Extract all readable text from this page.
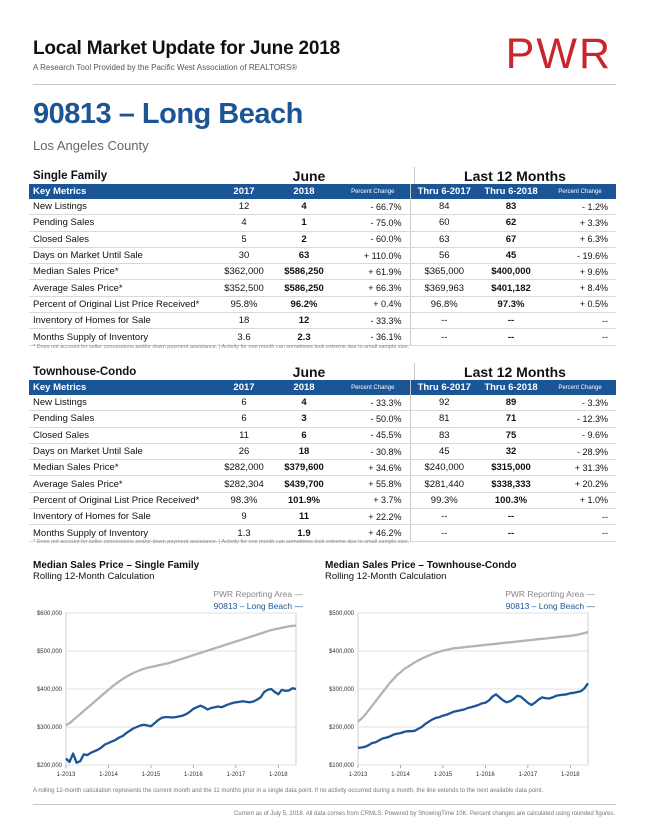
Local Market Update for June 2018
A Research Tool Provided by the Pacific West Association of REALTORS®	PWR
90813 – Long Beach
Los Angeles County
Single Family	June	Last 12 Months
Key Metrics	2017	2018	Percent Change	Thru 6-2017	Thru 6-2018	Percent Change
New Listings	12	4	- 66.7%	84	83	- 1.2%
Pending Sales	4	1	- 75.0%	60	62	+ 3.3%
Closed Sales	5	2	- 60.0%	63	67	+ 6.3%
Days on Market Until Sale	30	63	+ 110.0%	56	45	- 19.6%
Median Sales Price*	$362,000	$586,250	+ 61.9%	$365,000	$400,000	+ 9.6%
Average Sales Price*	$352,500	$586,250	+ 66.3%	$369,963	$401,182	+ 8.4%
Percent of Original List Price Received*	95.8%	96.2%	+ 0.4%	96.8%	97.3%	+ 0.5%
Inventory of Homes for Sale	18	12	- 33.3%	--	--	--
Months Supply of Inventory	3.6	2.3	- 36.1%	--	--	--
* Does not account for seller concessions and/or down payment assistance. | Activity for one month can sometimes look extreme due to small sample size.
Townhouse-Condo	June	Last 12 Months
Key Metrics	2017	2018	Percent Change	Thru 6-2017	Thru 6-2018	Percent Change
New Listings	6	4	- 33.3%	92	89	- 3.3%
Pending Sales	6	3	- 50.0%	81	71	- 12.3%
Closed Sales	11	6	- 45.5%	83	75	- 9.6%
Days on Market Until Sale	26	18	- 30.8%	45	32	- 28.9%
Median Sales Price*	$282,000	$379,600	+ 34.6%	$240,000	$315,000	+ 31.3%
Average Sales Price*	$282,304	$439,700	+ 55.8%	$281,440	$338,333	+ 20.2%
Percent of Original List Price Received*	98.3%	101.9%	+ 3.7%	99.3%	100.3%	+ 1.0%
Inventory of Homes for Sale	9	11	+ 22.2%	--	--	--
Months Supply of Inventory	1.3	1.9	+ 46.2%	--	--	--
* Does not account for seller concessions and/or down payment assistance. | Activity for one month can sometimes look extreme due to small sample size.
Median Sales Price – Single Family
Rolling 12-Month Calculation
PWR Reporting Area —
90813 – Long Beach —
$200,000
$300,000
$400,000
$500,000
$600,000
1-2013	1-2014	1-2015	1-2016	1-2017	1-2018
Median Sales Price – Townhouse-Condo
Rolling 12-Month Calculation
PWR Reporting Area —
90813 – Long Beach —
$100,000
$200,000
$300,000
$400,000
$500,000
1-2013	1-2014	1-2015	1-2016	1-2017	1-2018
A rolling 12-month calculation represents the current month and the 11 months prior in a single data point. If no activity occurred during a month, the line extends to the next available data point.
Current as of July 5, 2018. All data comes from CRMLS. Powered by ShowingTime 10K. Percent changes are calculated using rounded figures.
